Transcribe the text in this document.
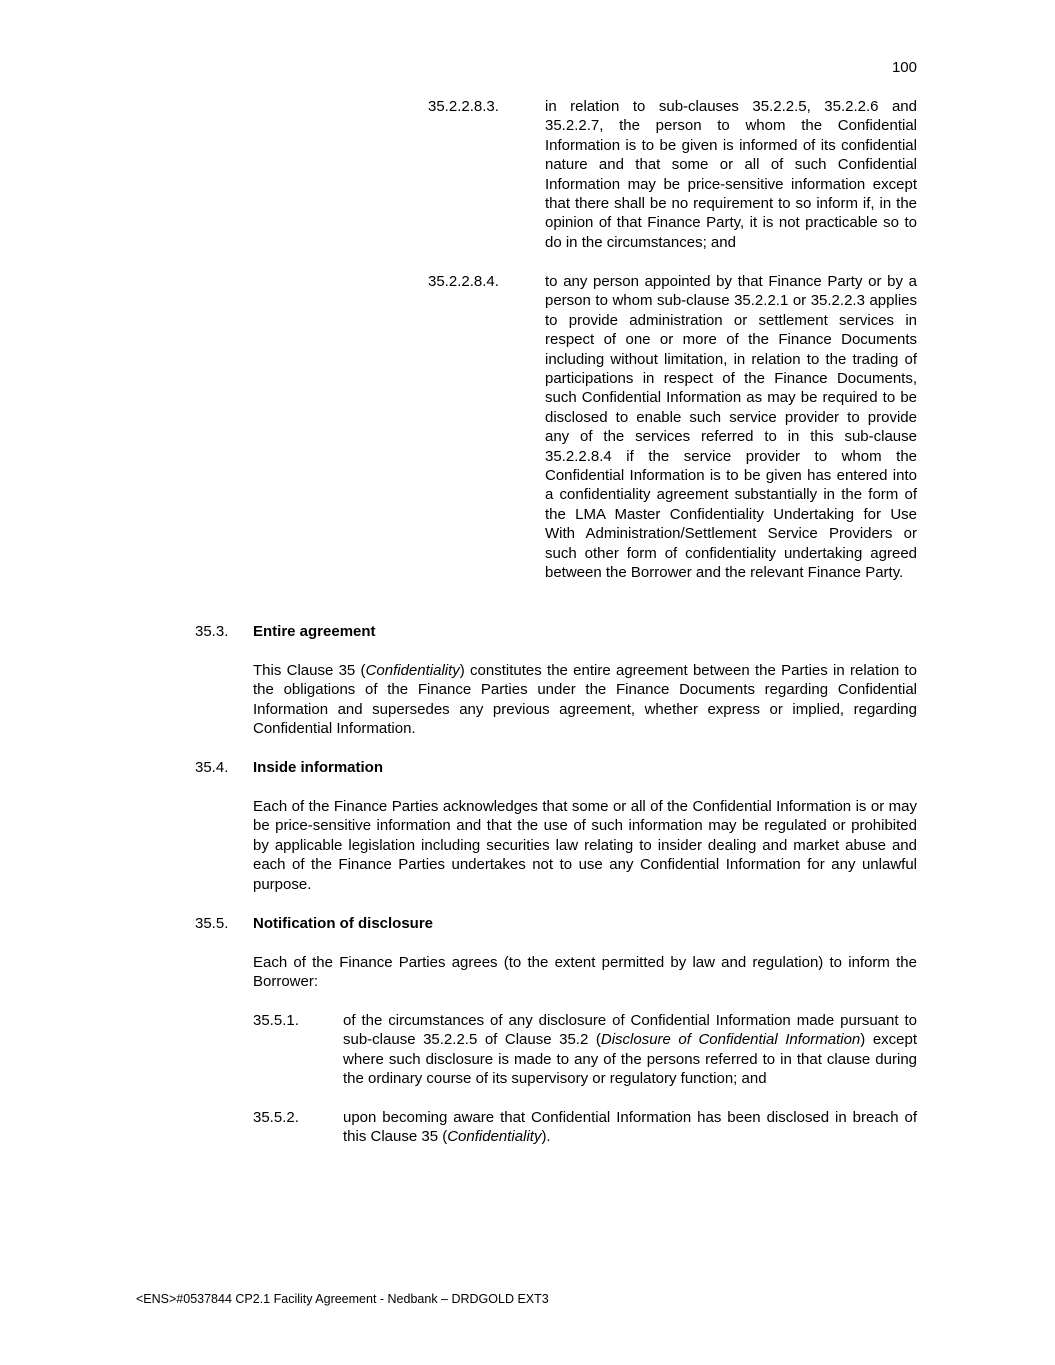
100
35.2.2.8.3.	in relation to sub-clauses 35.2.2.5, 35.2.2.6 and 35.2.2.7, the person to whom the Confidential Information is to be given is informed of its confidential nature and that some or all of such Confidential Information may be price-sensitive information except that there shall be no requirement to so inform if, in the opinion of that Finance Party, it is not practicable so to do in the circumstances; and
35.2.2.8.4.	to any person appointed by that Finance Party or by a person to whom sub-clause 35.2.2.1 or 35.2.2.3 applies to provide administration or settlement services in respect of one or more of the Finance Documents including without limitation, in relation to the trading of participations in respect of the Finance Documents, such Confidential Information as may be required to be disclosed to enable such service provider to provide any of the services referred to in this sub-clause 35.2.2.8.4 if the service provider to whom the Confidential Information is to be given has entered into a confidentiality agreement substantially in the form of the LMA Master Confidentiality Undertaking for Use With Administration/Settlement Service Providers or such other form of confidentiality undertaking agreed between the Borrower and the relevant Finance Party.
35.3. Entire agreement
This Clause 35 (Confidentiality) constitutes the entire agreement between the Parties in relation to the obligations of the Finance Parties under the Finance Documents regarding Confidential Information and supersedes any previous agreement, whether express or implied, regarding Confidential Information.
35.4. Inside information
Each of the Finance Parties acknowledges that some or all of the Confidential Information is or may be price-sensitive information and that the use of such information may be regulated or prohibited by applicable legislation including securities law relating to insider dealing and market abuse and each of the Finance Parties undertakes not to use any Confidential Information for any unlawful purpose.
35.5. Notification of disclosure
Each of the Finance Parties agrees (to the extent permitted by law and regulation) to inform the Borrower:
35.5.1.	of the circumstances of any disclosure of Confidential Information made pursuant to sub-clause 35.2.2.5 of Clause 35.2 (Disclosure of Confidential Information) except where such disclosure is made to any of the persons referred to in that clause during the ordinary course of its supervisory or regulatory function; and
35.5.2.	upon becoming aware that Confidential Information has been disclosed in breach of this Clause 35 (Confidentiality).
<ENS>#0537844 CP2.1 Facility Agreement - Nedbank – DRDGOLD EXT3
